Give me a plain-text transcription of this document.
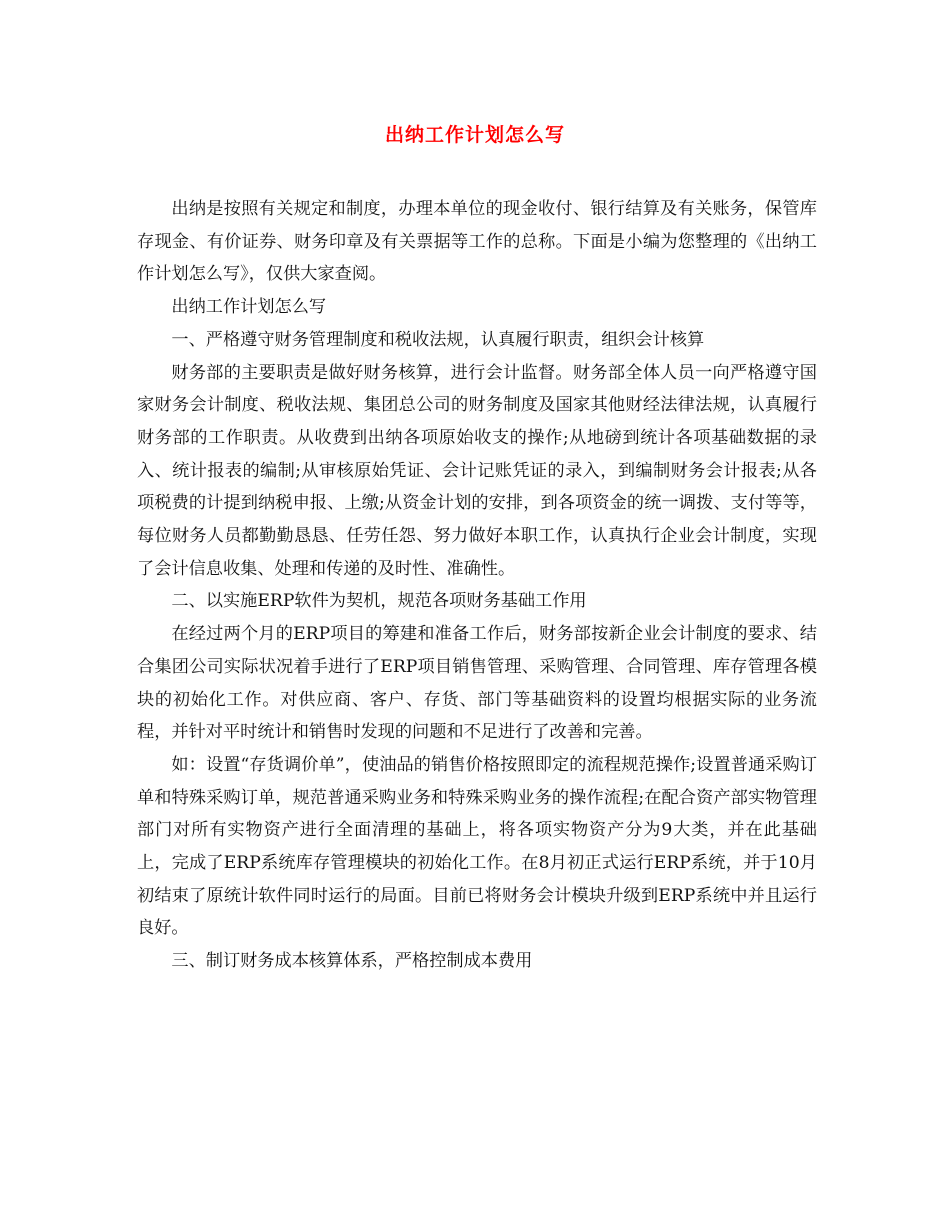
出纳工作计划怎么写

出纳是按照有关规定和制度，办理本单位的现金收付、银行结算及有关账务，保管库存现金、有价证券、财务印章及有关票据等工作的总称。下面是小编为您整理的《出纳工作计划怎么写》，仅供大家查阅。

出纳工作计划怎么写

一、严格遵守财务管理制度和税收法规，认真履行职责，组织会计核算

财务部的主要职责是做好财务核算，进行会计监督。财务部全体人员一向严格遵守国家财务会计制度、税收法规、集团总公司的财务制度及国家其他财经法律法规，认真履行财务部的工作职责。从收费到出纳各项原始收支的操作;从地磅到统计各项基础数据的录入、统计报表的编制;从审核原始凭证、会计记账凭证的录入，到编制财务会计报表;从各项税费的计提到纳税申报、上缴;从资金计划的安排，到各项资金的统一调拨、支付等等，每位财务人员都勤勤恳恳、任劳任怨、努力做好本职工作，认真执行企业会计制度，实现了会计信息收集、处理和传递的及时性、准确性。

二、以实施ERP软件为契机，规范各项财务基础工作用

在经过两个月的ERP项目的筹建和准备工作后，财务部按新企业会计制度的要求、结合集团公司实际状况着手进行了ERP项目销售管理、采购管理、合同管理、库存管理各模块的初始化工作。对供应商、客户、存货、部门等基础资料的设置均根据实际的业务流程，并针对平时统计和销售时发现的问题和不足进行了改善和完善。

如：设置“存货调价单”，使油品的销售价格按照即定的流程规范操作;设置普通采购订单和特殊采购订单，规范普通采购业务和特殊采购业务的操作流程;在配合资产部实物管理部门对所有实物资产进行全面清理的基础上，将各项实物资产分为9大类，并在此基础上，完成了ERP系统库存管理模块的初始化工作。在8月初正式运行ERP系统，并于10月初结束了原统计软件同时运行的局面。目前已将财务会计模块升级到ERP系统中并且运行良好。

三、制订财务成本核算体系，严格控制成本费用
